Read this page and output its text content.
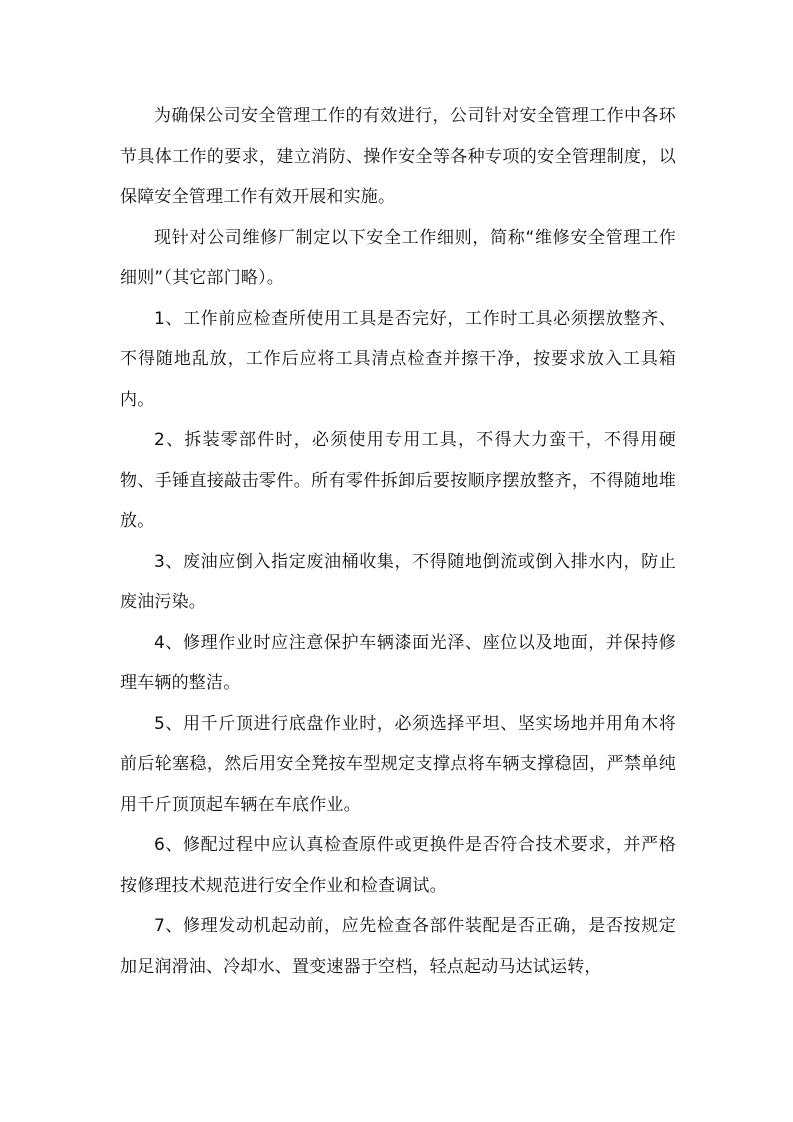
为确保公司安全管理工作的有效进行，公司针对安全管理工作中各环节具体工作的要求，建立消防、操作安全等各种专项的安全管理制度，以保障安全管理工作有效开展和实施。

现针对公司维修厂制定以下安全工作细则，简称“维修安全管理工作细则”（其它部门略）。

1、工作前应检查所使用工具是否完好，工作时工具必须摆放整齐、不得随地乱放，工作后应将工具清点检查并擦干净，按要求放入工具箱内。

2、拆装零部件时，必须使用专用工具，不得大力蛮干，不得用硬物、手锤直接敲击零件。所有零件拆卸后要按顺序摆放整齐，不得随地堆放。

3、废油应倒入指定废油桶收集，不得随地倒流或倒入排水内，防止废油污染。

4、修理作业时应注意保护车辆漆面光泽、座位以及地面，并保持修理车辆的整洁。

5、用千斤顶进行底盘作业时，必须选择平坦、坚实场地并用角木将前后轮塞稳，然后用安全凳按车型规定支撑点将车辆支撑稳固，严禁单纯用千斤顶顶起车辆在车底作业。

6、修配过程中应认真检查原件或更换件是否符合技术要求，并严格按修理技术规范进行安全作业和检查调试。

7、修理发动机起动前，应先检查各部件装配是否正确，是否按规定加足润滑油、冷却水、置变速器于空档，轻点起动马达试运转，
